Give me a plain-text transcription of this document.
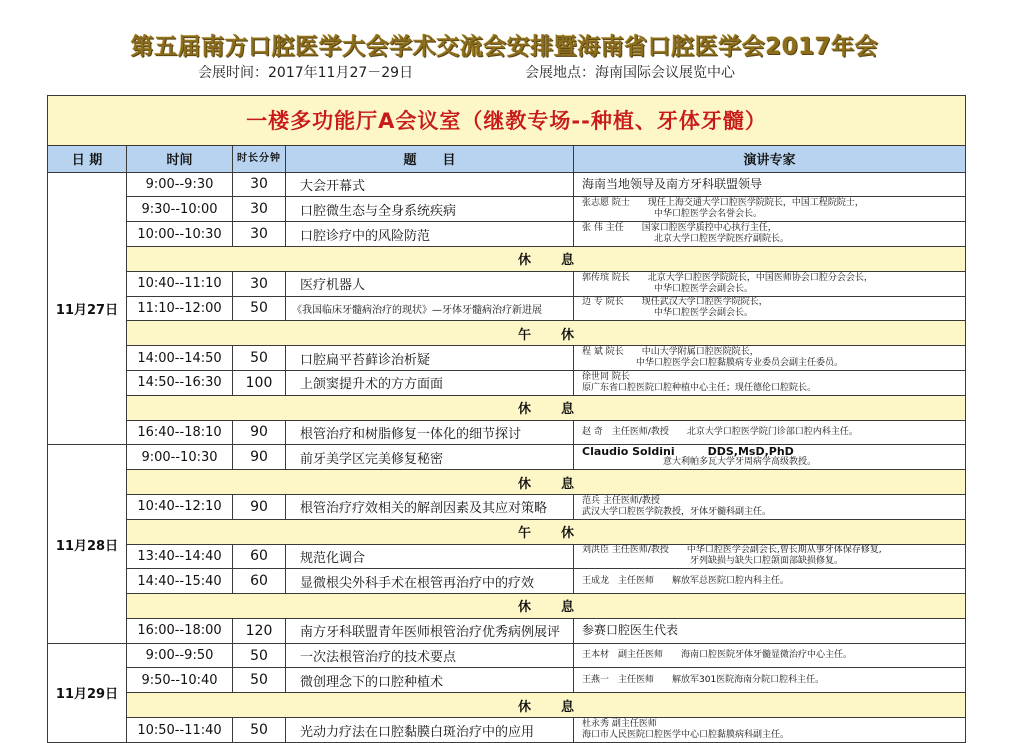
第五届南方口腔医学大会学术交流会安排暨海南省口腔医学会2017年会
会展时间：2017年11月27－29日	会展地点：海南国际会议展览中心
一楼多功能厅A会议室（继教专场--种植、牙体牙髓）				
日 期	时间	时长分钟	题　　目	演讲专家
11月27日	9:00--9:30	30	大会开幕式	海南当地领导及南方牙科联盟领导

	9:30--10:00	30	口腔微生态与全身系统疾病	张志愿 院士　　现任上海交通大学口腔医学院院长，中国工程院院士，
　　　　　　　　中华口腔医学会名誉会长。

	10:00--10:30	30	口腔诊疗中的风险防范	张 伟 主任　　国家口腔医学质控中心执行主任，
　　　　　　　　北京大学口腔医学院医疗副院长。

	休息			
	10:40--11:10	30	医疗机器人	郭传瑸 院长　　北京大学口腔医学院院长，中国医师协会口腔分会会长，
　　　　　　　　中华口腔医学会副会长。

	11:10--12:00	50	《我国临床牙髓病治疗的现状》—牙体牙髓病治疗新进展	边 专 院长　　现任武汉大学口腔医学院院长，
　　　　　　　　中华口腔医学会副会长。

	午休			
	14:00--14:50	50	口腔扁平苔藓诊治析疑	程 斌 院长　　中山大学附属口腔医院院长，
　　　　　　中华口腔医学会口腔黏膜病专业委员会副主任委员。

	14:50--16:30	100	上颌窦提升术的方方面面	徐世同 院长
原广东省口腔医院口腔种植中心主任；现任德伦口腔院长。

	休息			
	16:40--18:10	90	根管治疗和树脂修复一体化的细节探讨	赵 奇　主任医师/教授　　北京大学口腔医学院门诊部口腔内科主任。

11月28日	9:00--10:30	90	前牙美学区完美修复秘密	Claudio Soldini　　　DDS,MsD,PhD
　　　　　　　　　意大利帕多瓦大学牙周病学高级教授。

	休息			
	10:40--12:10	90	根管治疗疗效相关的解剖因素及其应对策略	范兵 主任医师/教授
武汉大学口腔医学院教授，牙体牙髓科副主任。

	午休			
	13:40--14:40	60	规范化调合	刘洪臣 主任医师/教授　　中华口腔医学会副会长,曾长期从事牙体保存修复,
　　　　　　　　　　　　牙列缺损与缺失口腔颌面部缺损修复。

	14:40--15:40	60	显微根尖外科手术在根管再治疗中的疗效	王成龙　主任医师　　解放军总医院口腔内科主任。

	休息			
	16:00--18:00	120	南方牙科联盟青年医师根管治疗优秀病例展评	参赛口腔医生代表

11月29日	9:00--9:50	50	一次法根管治疗的技术要点	王本材　副主任医师　　海南口腔医院牙体牙髓显微治疗中心主任。

	9:50--10:40	50	微创理念下的口腔种植术	王燕一　主任医师　　解放军301医院海南分院口腔科主任。

	休息			
	10:50--11:40	50	光动力疗法在口腔黏膜白斑治疗中的应用	杜永秀 副主任医师
海口市人民医院口腔医学中心口腔黏膜病科副主任。
